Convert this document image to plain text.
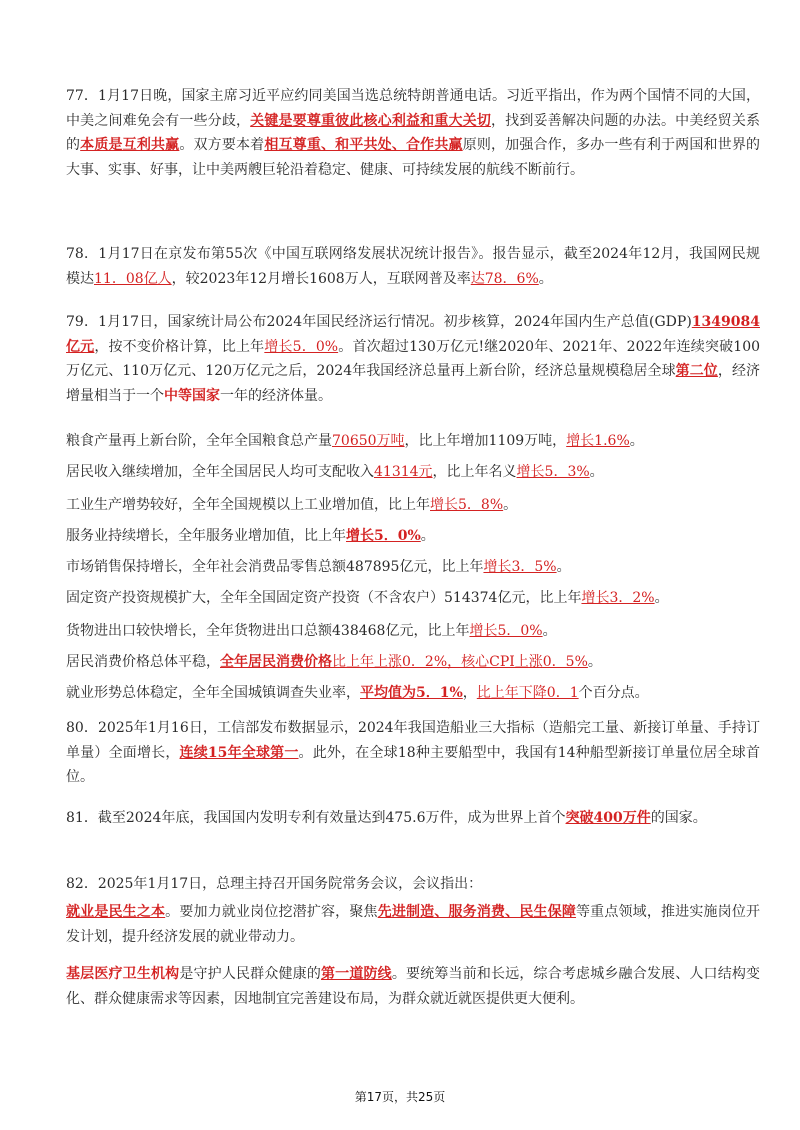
77．1月17日晚，国家主席习近平应约同美国当选总统特朗普通电话。习近平指出，作为两个国情不同的大国，中美之间难免会有一些分歧，关键是要尊重彼此核心利益和重大关切，找到妥善解决问题的办法。中美经贸关系的本质是互利共赢。双方要本着相互尊重、和平共处、合作共赢原则，加强合作，多办一些有利于两国和世界的大事、实事、好事，让中美两艘巨轮沿着稳定、健康、可持续发展的航线不断前行。

78．1月17日在京发布第55次《中国互联网络发展状况统计报告》。报告显示，截至2024年12月，我国网民规模达11．08亿人，较2023年12月增长1608万人，互联网普及率达78．6%。

79．1月17日，国家统计局公布2024年国民经济运行情况。初步核算，2024年国内生产总值(GDP)1349084亿元，按不变价格计算，比上年增长5．0%。首次超过130万亿元!继2020年、2021年、2022年连续突破100万亿元、110万亿元、120万亿元之后，2024年我国经济总量再上新台阶，经济总量规模稳居全球第二位，经济增量相当于一个中等国家一年的经济体量。

粮食产量再上新台阶，全年全国粮食总产量70650万吨，比上年增加1109万吨，增长1.6%。
居民收入继续增加，全年全国居民人均可支配收入41314元，比上年名义增长5．3%。
工业生产增势较好，全年全国规模以上工业增加值，比上年增长5．8%。
服务业持续增长，全年服务业增加值，比上年增长5．0%。
市场销售保持增长，全年社会消费品零售总额487895亿元，比上年增长3．5%。
固定资产投资规模扩大，全年全国固定资产投资（不含农户）514374亿元，比上年增长3．2%。
货物进出口较快增长，全年货物进出口总额438468亿元，比上年增长5．0%。
居民消费价格总体平稳，全年居民消费价格比上年上涨0．2%，核心CPI上涨0．5%。
就业形势总体稳定，全年全国城镇调查失业率，平均值为5．1%，比上年下降0．1个百分点。

80．2025年1月16日，工信部发布数据显示，2024年我国造船业三大指标（造船完工量、新接订单量、手持订单量）全面增长，连续15年全球第一。此外，在全球18种主要船型中，我国有14种船型新接订单量位居全球首位。

81．截至2024年底，我国国内发明专利有效量达到475.6万件，成为世界上首个突破400万件的国家。

82．2025年1月17日，总理主持召开国务院常务会议，会议指出：

就业是民生之本。要加力就业岗位挖潜扩容，聚焦先进制造、服务消费、民生保障等重点领域，推进实施岗位开发计划，提升经济发展的就业带动力。

基层医疗卫生机构是守护人民群众健康的第一道防线。要统筹当前和长远，综合考虑城乡融合发展、人口结构变化、群众健康需求等因素，因地制宜完善建设布局，为群众就近就医提供更大便利。

第17页，共25页
